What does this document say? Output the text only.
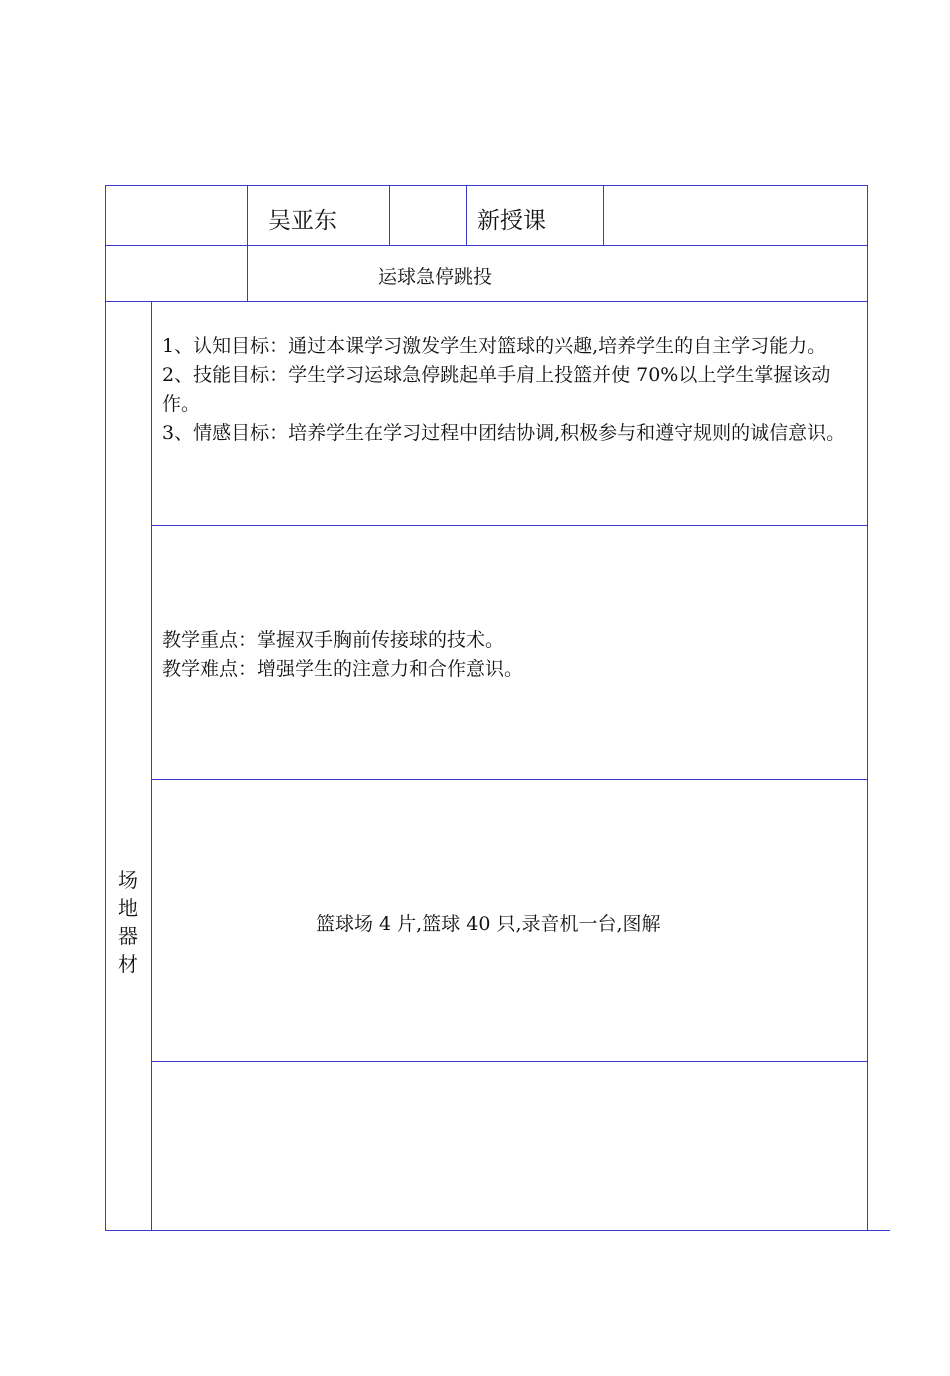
吴亚东	新授课
运球急停跳投
1、认知目标：通过本课学习激发学生对篮球的兴趣,培养学生的自主学习能力。
2、技能目标：学生学习运球急停跳起单手肩上投篮并使 70%以上学生掌握该动作。
3、情感目标：培养学生在学习过程中团结协调,积极参与和遵守规则的诚信意识。
教学重点：掌握双手胸前传接球的技术。
教学难点：增强学生的注意力和合作意识。
场
地
器
材
篮球场 4 片,篮球 40 只,录音机一台,图解
